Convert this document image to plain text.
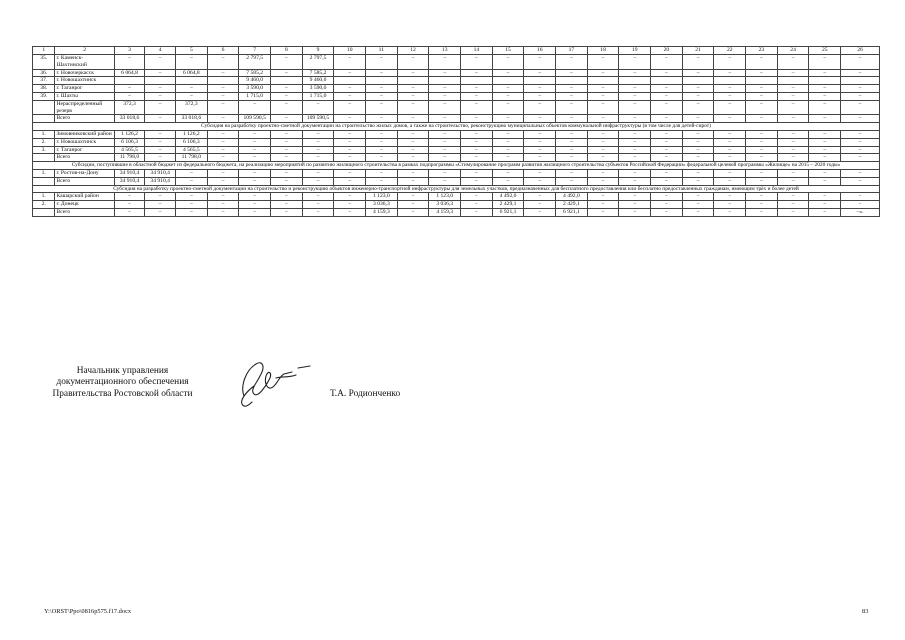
1	2	3	4	5	6	7	8	9	10	11	12	13	14	15	16	17	18	19	20	21	22	23	24	25	26
35.	г. Каменск-Шахтинский	–	–	–	–	2 797,5	–	2 797,5	–	–	–	–	–	–	–	–	–	–	–	–	–	–	–	–	–
36.	г. Новочеркасск	6 064,8	–	6 064,8	–	7 585,2	–	7 585,2	–	–	–	–	–	–	–	–	–	–	–	–	–	–	–	–	–
37.	г. Новошахтинск					9 460,0		9 460,0																	
38.	г. Таганрог	–	–	–	–	3 590,0	–	3 590,0	–	–	–	–	–	–	–	–	–	–	–	–	–	–	–	–	–
39.	г. Шахты	–	–	–	–	1 715,0	–	1 715,0	–	–	–	–	–	–	–	–	–	–	–	–	–	–	–	–	–
	Нераспределенный резерв	372,3	–	372,3	–	–	–	–	–	–	–	–	–	–	–	–	–	–	–	–	–	–	–	–	–
	Всего	33 018,6	–	33 018,6	–	109 590,5	–	109 590,5	–	–	–	–	–	–	–	–	–	–	–	–	–	–	–	–	–
Субсидия на разработку проектно-сметной документации на строительство жилых домов, а также на строительство, реконструкцию муниципальных объектов коммунальной инфраструктуры (в том числе для детей-сирот)																									
1.	Зимовниковский район	1 126,2	–	1 126,2	–	–	–	–	–	–	–	–	–	–	–	–	–	–	–	–	–	–	–	–	–
2.	г. Новошахтинск	6 106,3	–	6 106,3	–	–	–	–	–	–	–	–	–	–	–	–	–	–	–	–	–	–	–	–	–
3.	г. Таганрог	4 565,5	–	4 565,5	–	–	–	–	–	–	–	–	–	–	–	–	–	–	–	–	–	–	–	–	–
	Всего	11 798,0	–	11 798,0	–	–	–	–	–	–	–	–	–	–	–	–	–	–	–	–	–	–	–	–	–
Субсидии, поступившие в областной бюджет из федерального бюджета, на реализацию мероприятий по развитию жилищного строительства в рамках подпрограммы «Стимулирование программ развития жилищного строительства субъектов Российской Федерации» федеральной целевой программы «Жилище» на 2015 – 2020 годы»																									
1.	г. Ростов-на-Дону	34 910,4	34 910,4	–	–	–	–	–	–	–	–	–	–	–	–	–	–	–	–	–	–	–	–	–	–
	Всего	34 910,4	34 910,4	–	–	–	–	–	–	–	–	–	–	–	–	–	–	–	–	–	–	–	–	–	–
Субсидия на разработку проектно-сметной документации на строительство и реконструкцию объектов инженерно-транспортной инфраструктуры для земельных участков, предназначенных для бесплатного предоставления или бесплатно предоставленных гражданам, имеющим трёх и более детей																									
1.	Кашарский район	–	–	–	–	–	–	–	–	1 123,0	–	1 123,0	–	4 492,0	–	4 492,0	–	–	–	–	–	–	–	–	–
2.	г. Донецк	–	–	–	–	–	–	–	–	3 036,3	–	3 036,3	–	2 429,1	–	2 429,1	–	–	–	–	–	–	–	–	–
	Всего	–	–	–	–	–	–	–	–	4 159,3	–	4 159,3	–	6 921,1	–	6 921,1	–	–	–	–	–	–	–	–	–».
Начальник управления
документационного обеспечения
Правительства Ростовской области	Т.А. Родионченко
Y:\ORST\Ppo\0816p575.f17.docx	83
